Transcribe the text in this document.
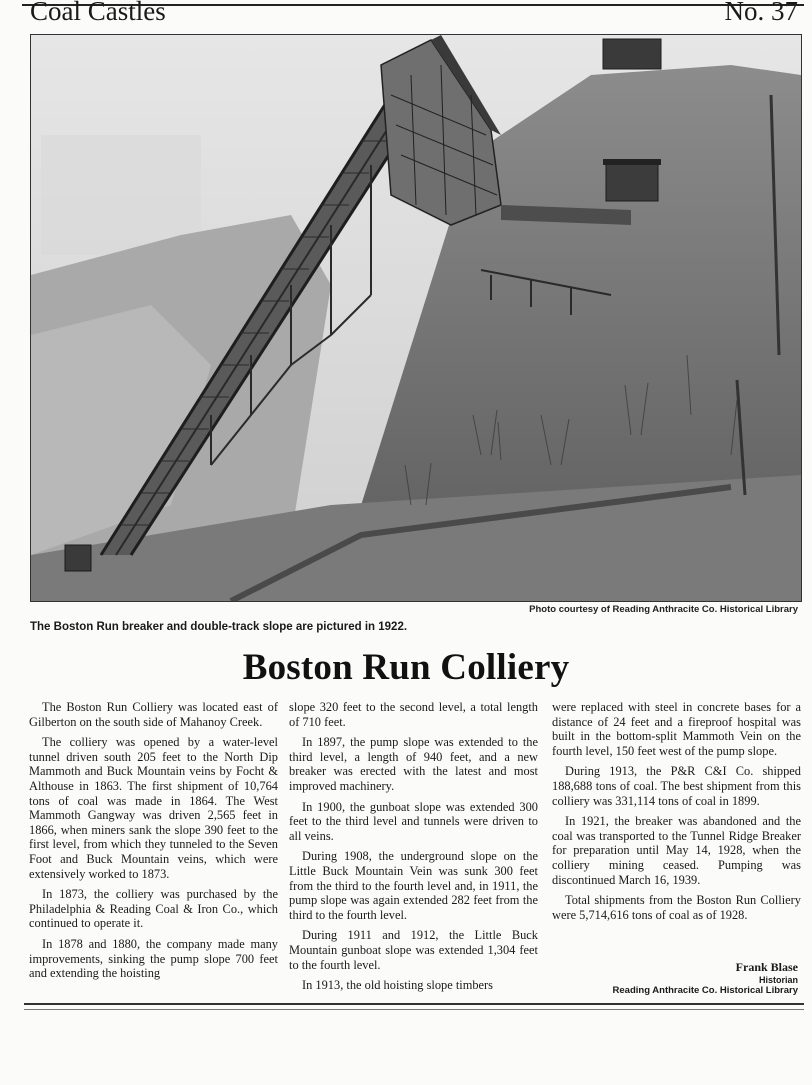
Coal Castles	No. 37
Photo courtesy of Reading Anthracite Co. Historical Library
The Boston Run breaker and double-track slope are pictured in 1922.
Boston Run Colliery

The Boston Run Colliery was located east of Gilberton on the south side of Mahanoy Creek.

The colliery was opened by a water-level tunnel driven south 205 feet to the North Dip Mammoth and Buck Mountain veins by Focht & Althouse in 1863. The first shipment of 10,764 tons of coal was made in 1864. The West Mammoth Gangway was driven 2,565 feet in 1866, when miners sank the slope 390 feet to the first level, from which they tunneled to the Seven Foot and Buck Mountain veins, which were extensively worked to 1873.

In 1873, the colliery was purchased by the Philadelphia & Reading Coal & Iron Co., which continued to operate it.

In 1878 and 1880, the company made many improvements, sinking the pump slope 700 feet and extending the hoisting

slope 320 feet to the second level, a total length of 710 feet.

In 1897, the pump slope was extended to the third level, a length of 940 feet, and a new breaker was erected with the latest and most improved machinery.

In 1900, the gunboat slope was extended 300 feet to the third level and tunnels were driven to all veins.

During 1908, the underground slope on the Little Buck Mountain Vein was sunk 300 feet from the third to the fourth level and, in 1911, the pump slope was again extended 282 feet from the third to the fourth level.

During 1911 and 1912, the Little Buck Mountain gunboat slope was extended 1,304 feet to the fourth level.

In 1913, the old hoisting slope timbers

were replaced with steel in concrete bases for a distance of 24 feet and a fireproof hospital was built in the bottom-split Mammoth Vein on the fourth level, 150 feet west of the pump slope.

During 1913, the P&R C&I Co. shipped 188,688 tons of coal. The best shipment from this colliery was 331,114 tons of coal in 1899.

In 1921, the breaker was abandoned and the coal was transported to the Tunnel Ridge Breaker for preparation until May 14, 1928, when the colliery mining ceased. Pumping was discontinued March 16, 1939.

Total shipments from the Boston Run Colliery were 5,714,616 tons of coal as of 1928.

Frank Blase
Historian
Reading Anthracite Co. Historical Library
